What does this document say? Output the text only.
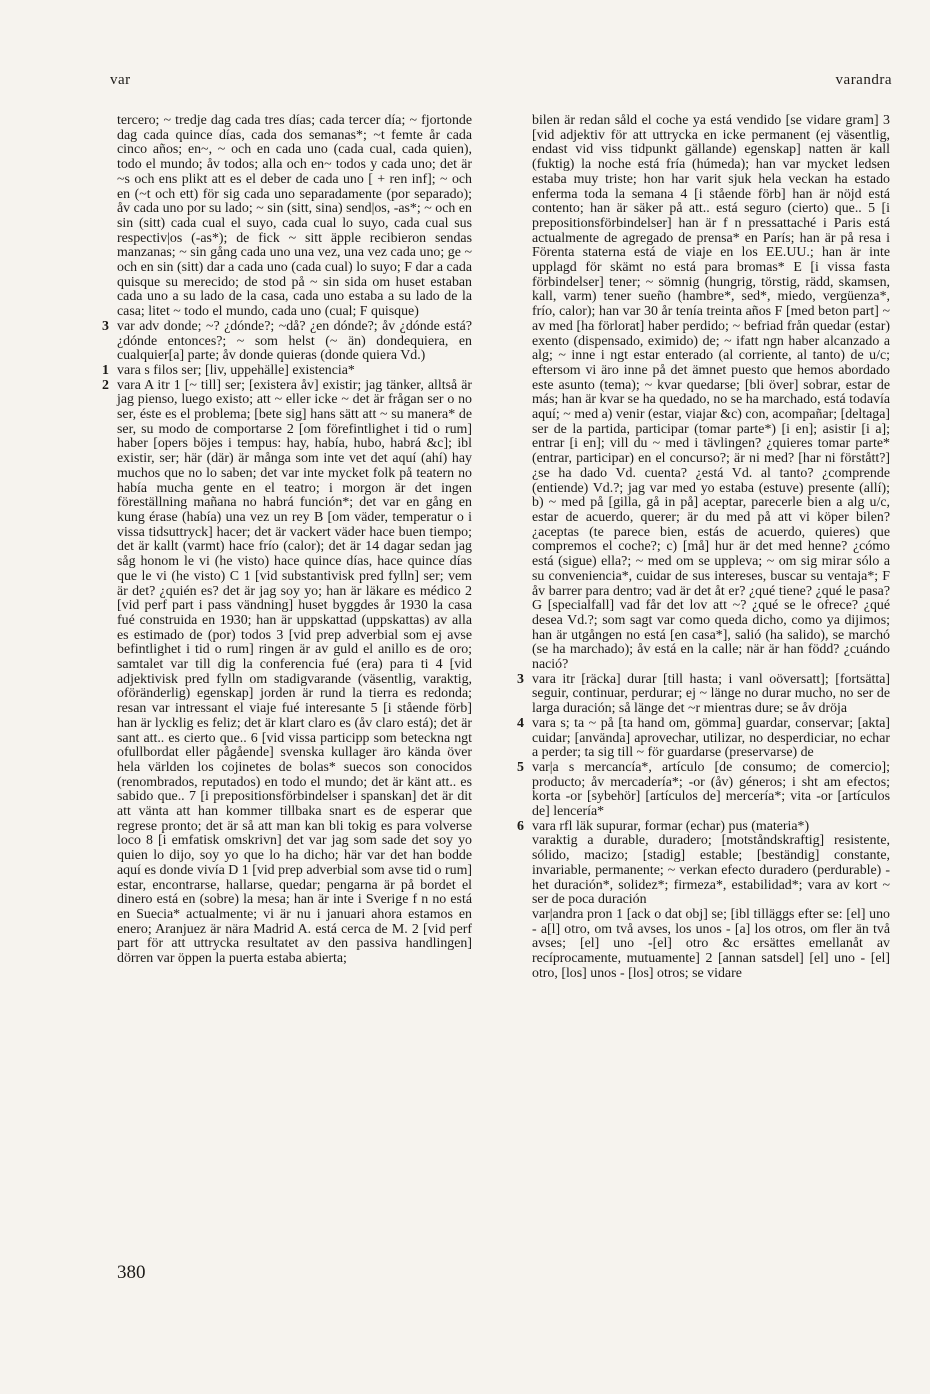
var	varandra

tercero; ~ tredje dag cada tres días; cada tercer día; ~ fjortonde dag cada quince días, cada dos semanas*; ~t femte år cada cinco años; en~, ~ och en cada uno (cada cual, cada quien), todo el mundo; åv todos; alla och en~ todos y cada uno; det är ~s och ens plikt att es el deber de cada uno [ + ren inf]; ~ och en (~t och ett) för sig cada uno separadamente (por separado); åv cada uno por su lado; ~ sin (sitt, sina) send|os, -as*; ~ och en sin (sitt) cada cual el suyo, cada cual lo suyo, cada cual sus respectiv|os (-as*); de fick ~ sitt äpple recibieron sendas manzanas; ~ sin gång cada uno una vez, una vez cada uno; ge ~ och en sin (sitt) dar a cada uno (cada cual) lo suyo; F dar a cada quisque su merecido; de stod på ~ sin sida om huset estaban cada uno a su lado de la casa, cada uno estaba a su lado de la casa; litet ~ todo el mundo, cada uno (cual; F quisque)

3 var adv donde; ~? ¿dónde?; ~då? ¿en dónde?; åv ¿dónde está? ¿dónde entonces?; ~ som helst (~ än) dondequiera, en cualquier[a] parte; åv donde quieras (donde quiera Vd.)

1 vara s filos ser; [liv, uppehälle] existencia*

2 vara A itr 1 [~ till] ser; [existera åv] existir; jag tänker, alltså är jag pienso, luego existo; att ~ eller icke ~ det är frågan ser o no ser, éste es el problema; [bete sig] hans sätt att ~ su manera* de ser, su modo de comportarse 2 [om förefintlighet i tid o rum] haber [opers böjes i tempus: hay, había, hubo, habrá &c]; ibl existir, ser; här (där) är många som inte vet det aquí (ahí) hay muchos que no lo saben; det var inte mycket folk på teatern no había mucha gente en el teatro; i morgon är det ingen föreställning mañana no habrá función*; det var en gång en kung érase (había) una vez un rey B [om väder, temperatur o i vissa tidsuttryck] hacer; det är vackert väder hace buen tiempo; det är kallt (varmt) hace frío (calor); det är 14 dagar sedan jag såg honom le vi (he visto) hace quince días, hace quince días que le vi (he visto) C 1 [vid substantivisk pred fylln] ser; vem är det? ¿quién es? det är jag soy yo; han är läkare es médico 2 [vid perf part i pass vändning] huset byggdes år 1930 la casa fué construida en 1930; han är uppskattad (uppskattas) av alla es estimado de (por) todos 3 [vid prep adverbial som ej avse befintlighet i tid o rum] ringen är av guld el anillo es de oro; samtalet var till dig la conferencia fué (era) para ti 4 [vid adjektivisk pred fylln om stadigvarande (väsentlig, varaktig, oföränderlig) egenskap] jorden är rund la tierra es redonda; resan var intressant el viaje fué interesante 5 [i stående förb] han är lycklig es feliz; det är klart claro es (åv claro está); det är sant att.. es cierto que.. 6 [vid vissa participp som beteckna ngt ofullbordat eller pågående] svenska kullager äro kända över hela världen los cojinetes de bolas* suecos son conocidos (renombrados, reputados) en todo el mundo; det är känt att.. es sabido que.. 7 [i prepositionsförbindelser i spanskan] det är dit att vänta att han kommer tillbaka snart es de esperar que regrese pronto; det är så att man kan bli tokig es para volverse loco 8 [i emfatisk omskrivn] det var jag som sade det soy yo quien lo dijo, soy yo que lo ha dicho; här var det han bodde aquí es donde vivía D 1 [vid prep adverbial som avse tid o rum] estar, encontrarse, hallarse, quedar; pengarna är på bordet el dinero está en (sobre) la mesa; han är inte i Sverige f n no está en Suecia* actualmente; vi är nu i januari ahora estamos en enero; Aranjuez är nära Madrid A. está cerca de M. 2 [vid perf part för att uttrycka resultatet av den passiva handlingen] dörren var öppen la puerta estaba abierta;

bilen är redan såld el coche ya está vendido [se vidare gram] 3 [vid adjektiv för att uttrycka en icke permanent (ej väsentlig, endast vid viss tidpunkt gällande) egenskap] natten är kall (fuktig) la noche está fría (húmeda); han var mycket ledsen estaba muy triste; hon har varit sjuk hela veckan ha estado enferma toda la semana 4 [i stående förb] han är nöjd está contento; han är säker på att.. está seguro (cierto) que.. 5 [i prepositionsförbindelser] han är f n pressattaché i Paris está actualmente de agregado de prensa* en París; han är på resa i Förenta staterna está de viaje en los EE.UU.; han är inte upplagd för skämt no está para bromas* E [i vissa fasta förbindelser] tener; ~ sömnig (hungrig, törstig, rädd, skamsen, kall, varm) tener sueño (hambre*, sed*, miedo, vergüenza*, frío, calor); han var 30 år tenía treinta años F [med beton part] ~ av med [ha förlorat] haber perdido; ~ befriad från quedar (estar) exento (dispensado, eximido) de; ~ ifatt ngn haber alcanzado a alg; ~ inne i ngt estar enterado (al corriente, al tanto) de u/c; eftersom vi äro inne på det ämnet puesto que hemos abordado este asunto (tema); ~ kvar quedarse; [bli över] sobrar, estar de más; han är kvar se ha quedado, no se ha marchado, está todavía aquí; ~ med a) venir (estar, viajar &c) con, acompañar; [deltaga] ser de la partida, participar (tomar parte*) [i en]; asistir [i a]; entrar [i en]; vill du ~ med i tävlingen? ¿quieres tomar parte* (entrar, participar) en el concurso?; är ni med? [har ni förstått?] ¿se ha dado Vd. cuenta? ¿está Vd. al tanto? ¿comprende (entiende) Vd.?; jag var med yo estaba (estuve) presente (allí); b) ~ med på [gilla, gå in på] aceptar, parecerle bien a alg u/c, estar de acuerdo, querer; är du med på att vi köper bilen? ¿aceptas (te parece bien, estás de acuerdo, quieres) que compremos el coche?; c) [må] hur är det med henne? ¿cómo está (sigue) ella?; ~ med om se uppleva; ~ om sig mirar sólo a su conveniencia*, cuidar de sus intereses, buscar su ventaja*; F åv barrer para dentro; vad är det åt er? ¿qué tiene? ¿qué le pasa? G [specialfall] vad får det lov att ~? ¿qué se le ofrece? ¿qué desea Vd.?; som sagt var como queda dicho, como ya dijimos; han är utgången no está [en casa*], salió (ha salido), se marchó (se ha marchado); åv está en la calle; när är han född? ¿cuándo nació?

3 vara itr [räcka] durar [till hasta; i vanl oöversatt]; [fortsätta] seguir, continuar, perdurar; ej ~ länge no durar mucho, no ser de larga duración; så länge det ~r mientras dure; se åv dröja

4 vara s; ta ~ på [ta hand om, gömma] guardar, conservar; [akta] cuidar; [använda] aprovechar, utilizar, no desperdiciar, no echar a perder; ta sig till ~ för guardarse (preservarse) de

5 var|a s mercancía*, artículo [de consumo; de comercio]; producto; åv mercadería*; -or (åv) géneros; i sht am efectos; korta -or [sybehör] [artículos de] mercería*; vita -or [artículos de] lencería*

6 vara rfl läk supurar, formar (echar) pus (materia*)

varaktig a durable, duradero; [motståndskraftig] resistente, sólido, macizo; [stadig] estable; [beständig] constante, invariable, permanente; ~ verkan efecto duradero (perdurable) -het duración*, solidez*; firmeza*, estabilidad*; vara av kort ~ ser de poca duración

var|andra pron 1 [ack o dat obj] se; [ibl tilläggs efter se: [el] uno - a[l] otro, om två avses, los unos - [a] los otros, om fler än två avses; [el] uno -[el] otro &c ersättes emellanåt av recíprocamente, mutuamente] 2 [annan satsdel] [el] uno - [el] otro, [los] unos - [los] otros; se vidare

380
